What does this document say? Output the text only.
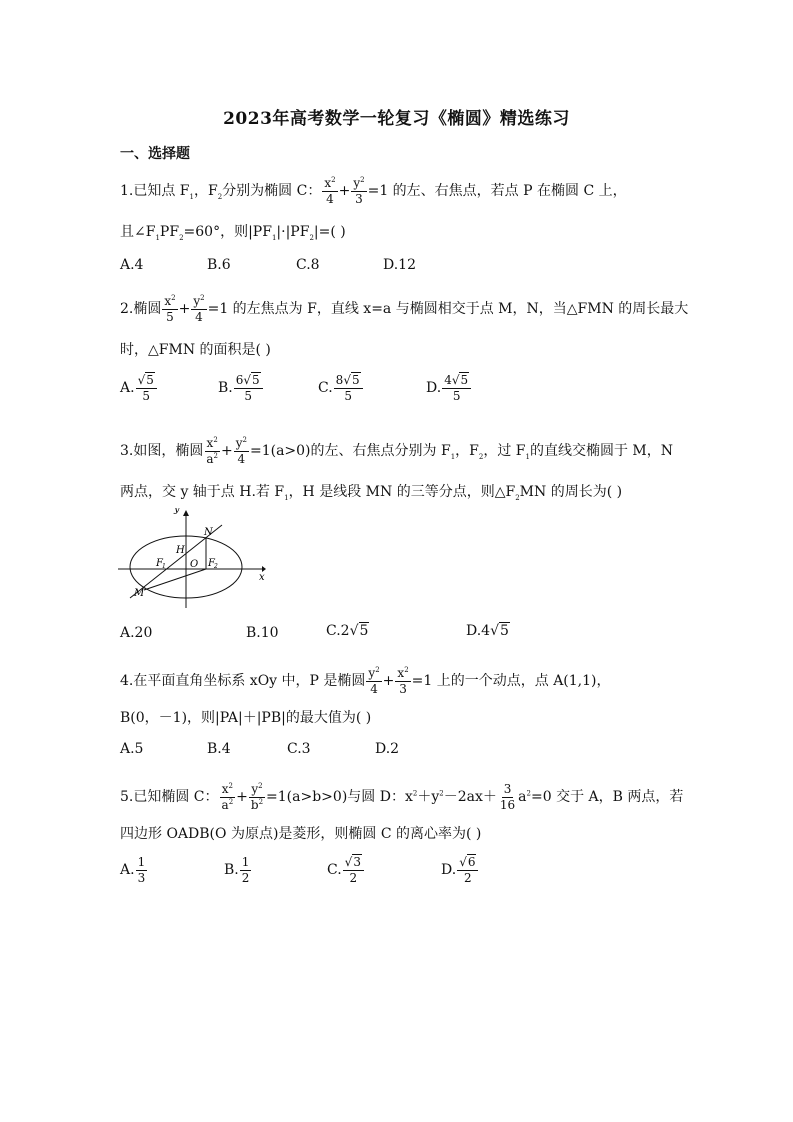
2023年高考数学一轮复习《椭圆》精选练习
一、选择题
1.已知点 $F_1$，$F_2$分别为椭圆 C： $\frac{x^2}{4} + \frac{y^2}{3} =1$ 的左、右焦点，若点 P 在椭圆 C 上，
且$\angle F_1PF_2=60^\circ$，则$|PF_1|\cdot|PF_2|=$( )
A.4	B.6	C.8	D.12
2.椭圆 $\frac{x^2}{5} + \frac{y^2}{4} =1$ 的左焦点为 F，直线 x=a 与椭圆相交于点 M，N，当△FMN 的周长最大
时，△FMN 的面积是( )
A. $\frac{√5}{5}$	B. $\frac{6√5}{5}$	C. $\frac{8√5}{5}$	D. $\frac{4√5}{5}$
3.如图，椭圆 $\frac{x^2}{a^2} + \frac{y^2}{4} =1(a>0)$的左、右焦点分别为 $F_1$，$F_2$，过 $F_1$的直线交椭圆于 M，N
两点，交 y 轴于点 H.若 $F_1$，H 是线段 MN 的三等分点，则$\triangle F_2MN$ 的周长为( )
y
x
N
H
F 1 O F 2
M
A.20	B.10	C.2√5	D.4√5
4.在平面直角坐标系 xOy 中，P 是椭圆 $\frac{y^2}{4} + \frac{x^2}{3} =1$ 上的一个动点，点 A(1,1)，
B(0，－1)，则|PA|＋|PB|的最大值为( )
A.5	B.4	C.3	D.2
5.已知椭圆 C： $\frac{x^2}{a^2} + \frac{y^2}{b^2} =1(a>b>0)$与圆 D：$x^2+y^2-2ax+ \frac{3}{16} a^2=0$ 交于 A，B 两点，若
四边形 OADB(O 为原点)是菱形，则椭圆 C 的离心率为( )
A. $\frac{1}{3}$	B. $\frac{1}{2}$	C. $\frac{√3}{2}$	D. $\frac{√6}{2}$
